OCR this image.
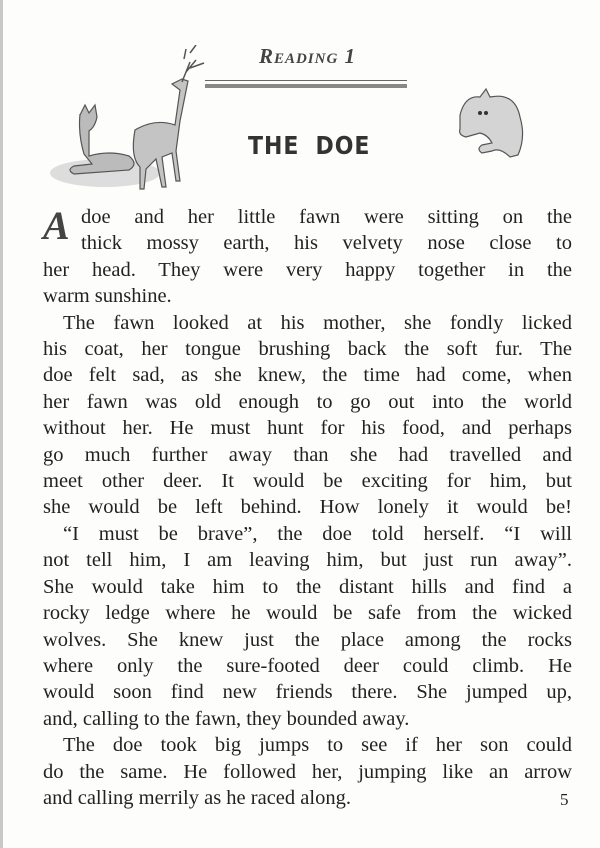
Reading 1
THE DOE
A doe and her little fawn were sitting on the
thick mossy earth, his velvety nose close to
her head. They were very happy together in the
warm sunshine.
The fawn looked at his mother, she fondly licked
his coat, her tongue brushing back the soft fur. The
doe felt sad, as she knew, the time had come, when
her fawn was old enough to go out into the world
without her. He must hunt for his food, and perhaps
go much further away than she had travelled and
meet other deer. It would be exciting for him, but
she would be left behind. How lonely it would be!
“I must be brave”, the doe told herself. “I will
not tell him, I am leaving him, but just run away”.
She would take him to the distant hills and find a
rocky ledge where he would be safe from the wicked
wolves. She knew just the place among the rocks
where only the sure-footed deer could climb. He
would soon find new friends there. She jumped up,
and, calling to the fawn, they bounded away.
The doe took big jumps to see if her son could
do the same. He followed her, jumping like an arrow
and calling merrily as he raced along.	5
